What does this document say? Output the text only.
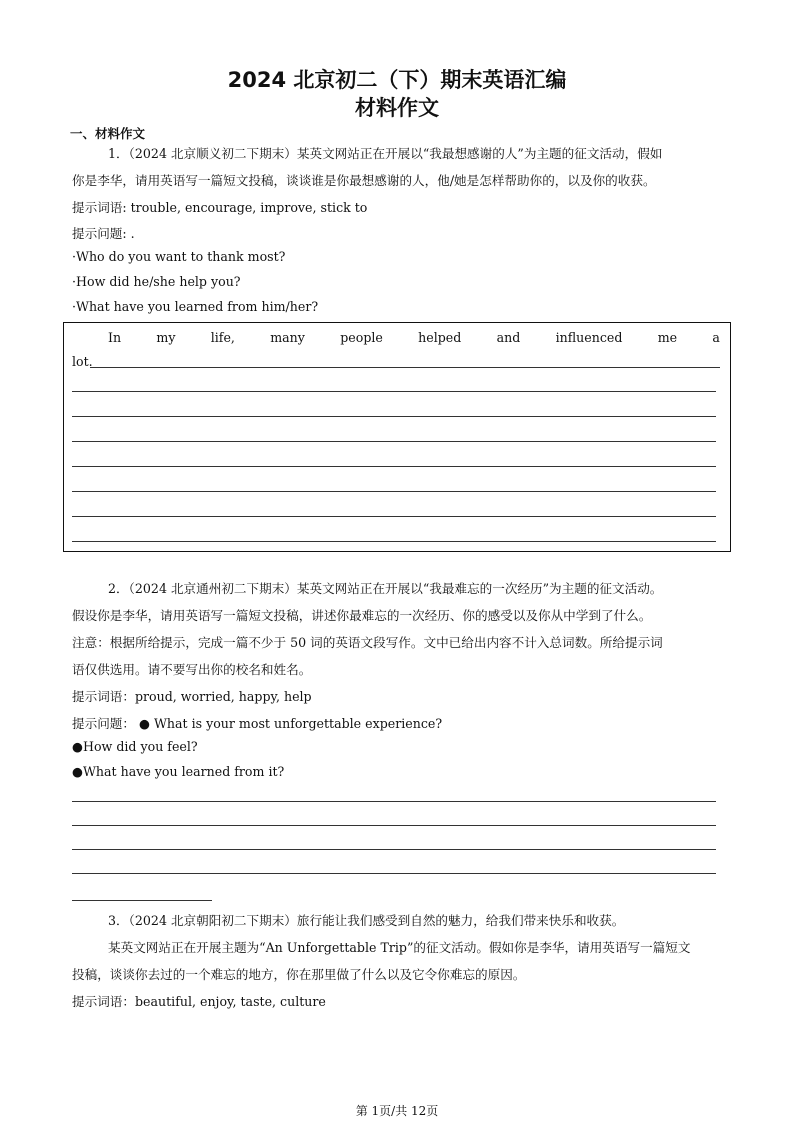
2024 北京初二（下）期末英语汇编
材料作文
一、材料作文
1．（2024 北京顺义初二下期末）某英文网站正在开展以“我最想感谢的人”为主题的征文活动，假如
你是李华，请用英语写一篇短文投稿，谈谈谁是你最想感谢的人，他/她是怎样帮助你的，以及你的收获。
提示词语: trouble, encourage, improve, stick to
提示问题: .
·Who do you want to thank most?
·How did he/she help you?
·What have you learned from him/her?
In	my	life,	many	people	helped	and	influenced	me	a
lot.
2．（2024 北京通州初二下期末）某英文网站正在开展以“我最难忘的一次经历”为主题的征文活动。
假设你是李华，请用英语写一篇短文投稿，讲述你最难忘的一次经历、你的感受以及你从中学到了什么。
注意：根据所给提示，完成一篇不少于 50 词的英语文段写作。文中已给出内容不计入总词数。所给提示词
语仅供选用。请不要写出你的校名和姓名。
提示词语：proud, worried, happy, help
提示问题： ● What is your most unforgettable experience?
●How did you feel?
●What have you learned from it?
3．（2024 北京朝阳初二下期末）旅行能让我们感受到自然的魅力，给我们带来快乐和收获。
某英文网站正在开展主题为“An Unforgettable Trip”的征文活动。假如你是李华，请用英语写一篇短文
投稿，谈谈你去过的一个难忘的地方，你在那里做了什么以及它令你难忘的原因。
提示词语：beautiful, enjoy, taste, culture
第 1页/共 12页
